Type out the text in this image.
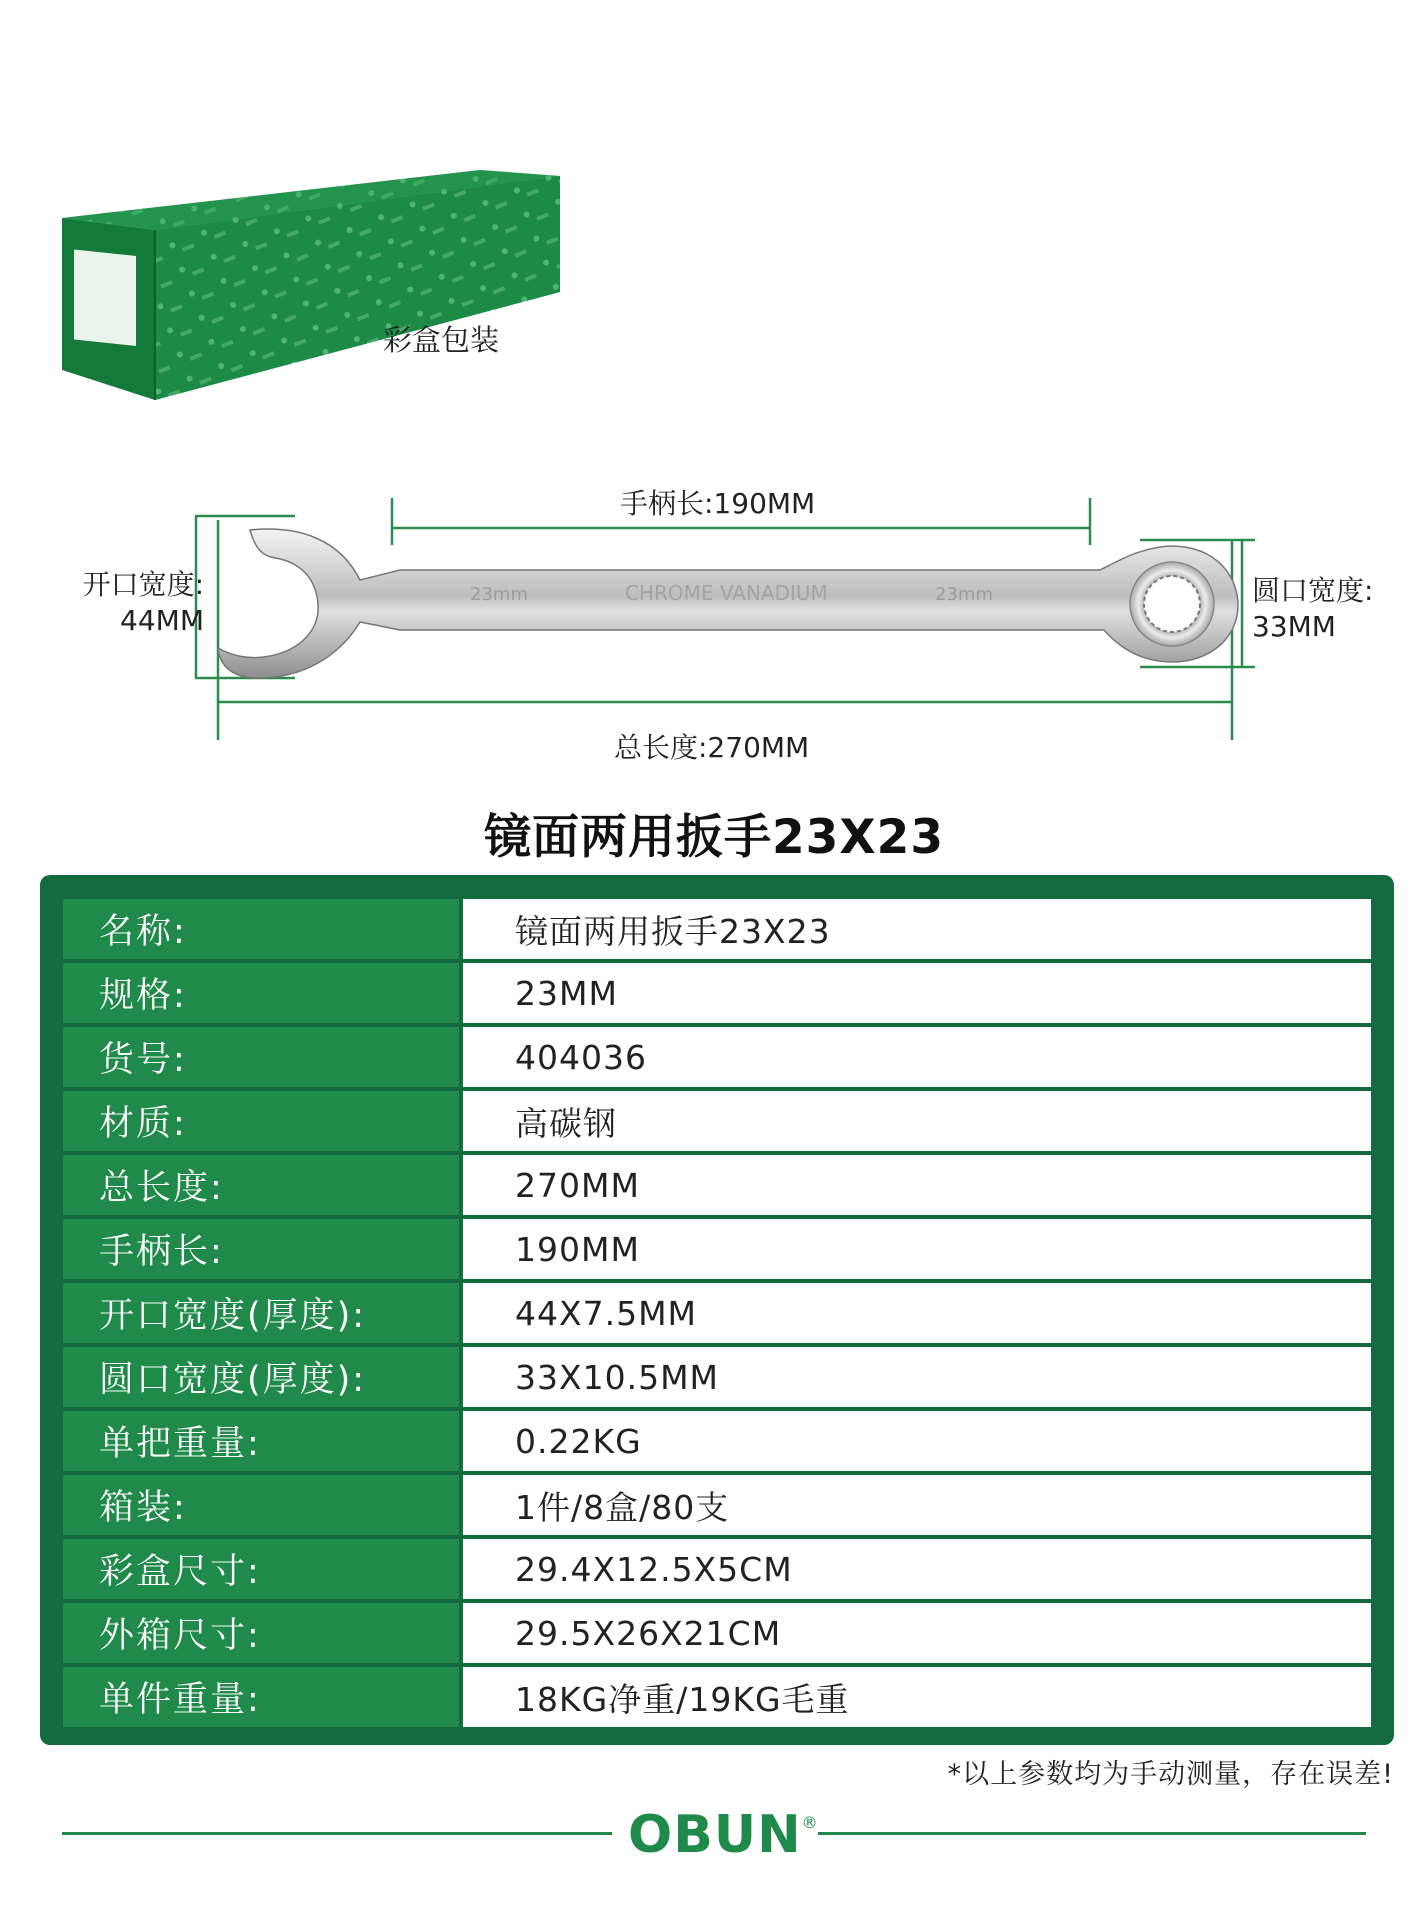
彩盒包装
23mm	CHROME VANADIUM	23mm
手柄长:190MM
总长度:270MM
开口宽度:
44MM
圆口宽度:
33MM
镜面两用扳手23X23
名称:	镜面两用扳手23X23
规格:	23MM
货号:	404036
材质:	高碳钢
总长度:	270MM
手柄长:	190MM
开口宽度(厚度):	44X7.5MM
圆口宽度(厚度):	33X10.5MM
单把重量:	0.22KG
箱装:	1件/8盒/80支
彩盒尺寸:	29.4X12.5X5CM
外箱尺寸:	29.5X26X21CM
单件重量:	18KG净重/19KG毛重
*以上参数均为手动测量，存在误差!
OBUN®
